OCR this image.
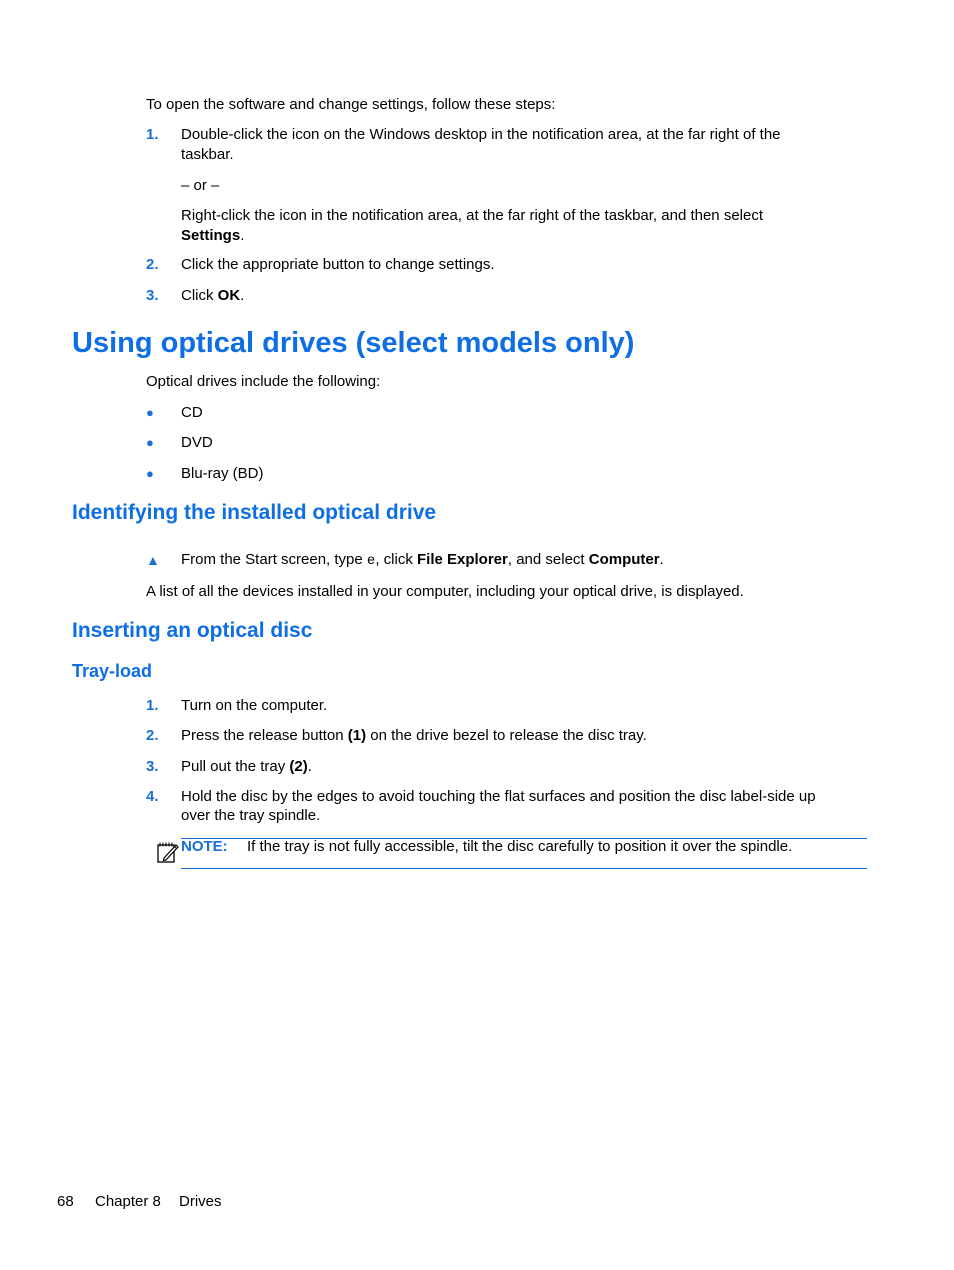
To open the software and change settings, follow these steps:
1. Double-click the icon on the Windows desktop in the notification area, at the far right of the
taskbar.
– or –
Right-click the icon in the notification area, at the far right of the taskbar, and then select
Settings.
2. Click the appropriate button to change settings.
3. Click OK.
Using optical drives (select models only)
Optical drives include the following:
● CD
● DVD
● Blu-ray (BD)
Identifying the installed optical drive
▲ From the Start screen, type e, click File Explorer, and select Computer.
A list of all the devices installed in your computer, including your optical drive, is displayed.
Inserting an optical disc
Tray-load
1. Turn on the computer.
2. Press the release button (1) on the drive bezel to release the disc tray.
3. Pull out the tray (2).
4. Hold the disc by the edges to avoid touching the flat surfaces and position the disc label-side up
over the tray spindle.
NOTE: If the tray is not fully accessible, tilt the disc carefully to position it over the spindle.
68 Chapter 8 Drives
